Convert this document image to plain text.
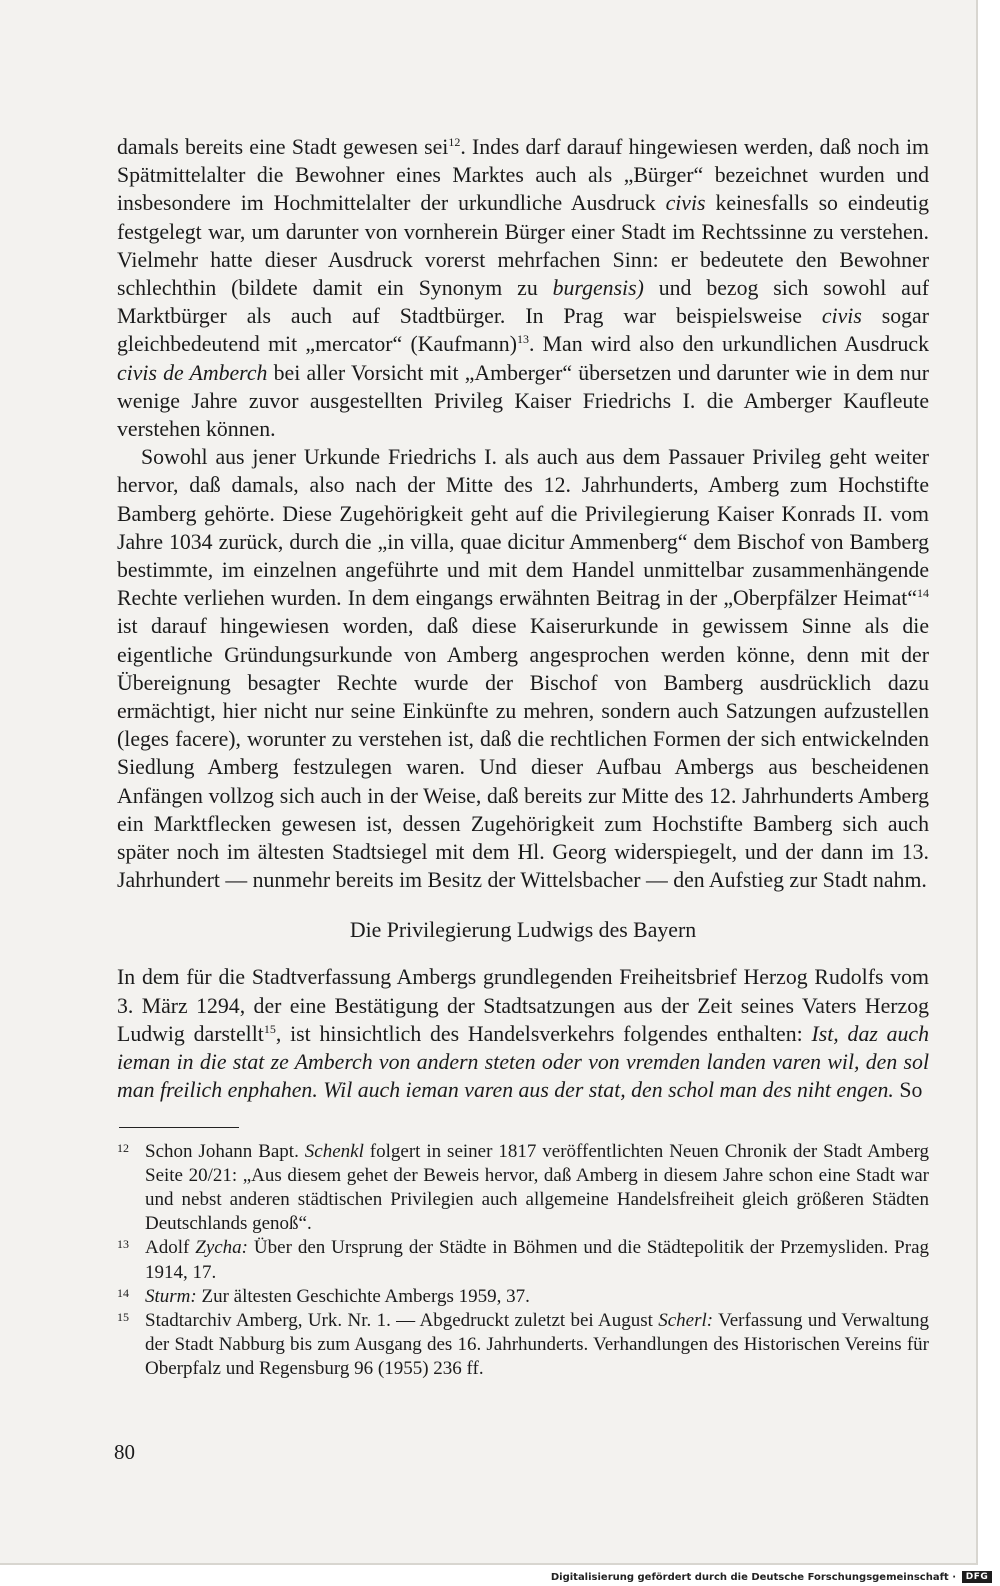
damals bereits eine Stadt gewesen sei$^{12}$. Indes darf darauf hingewiesen werden, daß noch im Spätmittelalter die Bewohner eines Marktes auch als „Bürger“ bezeichnet wurden und insbesondere im Hochmittelalter der urkundliche Ausdruck civis keinesfalls so eindeutig festgelegt war, um darunter von vornherein Bürger einer Stadt im Rechtssinne zu verstehen. Vielmehr hatte dieser Ausdruck vorerst mehrfachen Sinn: er bedeutete den Bewohner schlechthin (bildete damit ein Synonym zu burgensis) und bezog sich sowohl auf Marktbürger als auch auf Stadtbürger. In Prag war beispielsweise civis sogar gleichbedeutend mit „mercator“ (Kaufmann)$^{13}$. Man wird also den urkundlichen Ausdruck civis de Amberch bei aller Vorsicht mit „Amberger“ übersetzen und darunter wie in dem nur wenige Jahre zuvor ausgestellten Privileg Kaiser Friedrichs I. die Amberger Kaufleute verstehen können.

Sowohl aus jener Urkunde Friedrichs I. als auch aus dem Passauer Privileg geht weiter hervor, daß damals, also nach der Mitte des 12. Jahrhunderts, Amberg zum Hochstifte Bamberg gehörte. Diese Zugehörigkeit geht auf die Privilegierung Kaiser Konrads II. vom Jahre 1034 zurück, durch die „in villa, quae dicitur Ammenberg“ dem Bischof von Bamberg bestimmte, im einzelnen angeführte und mit dem Handel unmittelbar zusammenhängende Rechte verliehen wurden. In dem eingangs erwähnten Beitrag in der „Oberpfälzer Heimat“$^{14}$ ist darauf hingewiesen worden, daß diese Kaiserurkunde in gewissem Sinne als die eigentliche Gründungsurkunde von Amberg angesprochen werden könne, denn mit der Übereignung besagter Rechte wurde der Bischof von Bamberg ausdrücklich dazu ermächtigt, hier nicht nur seine Einkünfte zu mehren, sondern auch Satzungen aufzustellen (leges facere), worunter zu verstehen ist, daß die rechtlichen Formen der sich entwickelnden Siedlung Amberg festzulegen waren. Und dieser Aufbau Ambergs aus bescheidenen Anfängen vollzog sich auch in der Weise, daß bereits zur Mitte des 12. Jahrhunderts Amberg ein Marktflecken gewesen ist, dessen Zugehörigkeit zum Hochstifte Bamberg sich auch später noch im ältesten Stadtsiegel mit dem Hl. Georg widerspiegelt, und der dann im 13. Jahrhundert — nunmehr bereits im Besitz der Wittelsbacher — den Aufstieg zur Stadt nahm.

Die Privilegierung Ludwigs des Bayern

In dem für die Stadtverfassung Ambergs grundlegenden Freiheitsbrief Herzog Rudolfs vom 3. März 1294, der eine Bestätigung der Stadtsatzungen aus der Zeit seines Vaters Herzog Ludwig darstellt$^{15}$, ist hinsichtlich des Handelsverkehrs folgendes enthalten: Ist, daz auch ieman in die stat ze Amberch von andern steten oder von vremden landen varen wil, den sol man freilich enphahen. Wil auch ieman varen aus der stat, den schol man des niht engen. So

12 Schon Johann Bapt. Schenkl folgert in seiner 1817 veröffentlichten Neuen Chronik der Stadt Amberg Seite 20/21: „Aus diesem gehet der Beweis hervor, daß Amberg in diesem Jahre schon eine Stadt war und nebst anderen städtischen Privilegien auch allgemeine Handelsfreiheit gleich größeren Städten Deutschlands genoß“.
13 Adolf Zycha: Über den Ursprung der Städte in Böhmen und die Städtepolitik der Przemysliden. Prag 1914, 17.
14 Sturm: Zur ältesten Geschichte Ambergs 1959, 37.
15 Stadtarchiv Amberg, Urk. Nr. 1. — Abgedruckt zuletzt bei August Scherl: Verfassung und Verwaltung der Stadt Nabburg bis zum Ausgang des 16. Jahrhunderts. Verhandlungen des Historischen Vereins für Oberpfalz und Regensburg 96 (1955) 236 ff.
80
Digitalisierung gefördert durch die Deutsche Forschungsgemeinschaft ·	DFG
